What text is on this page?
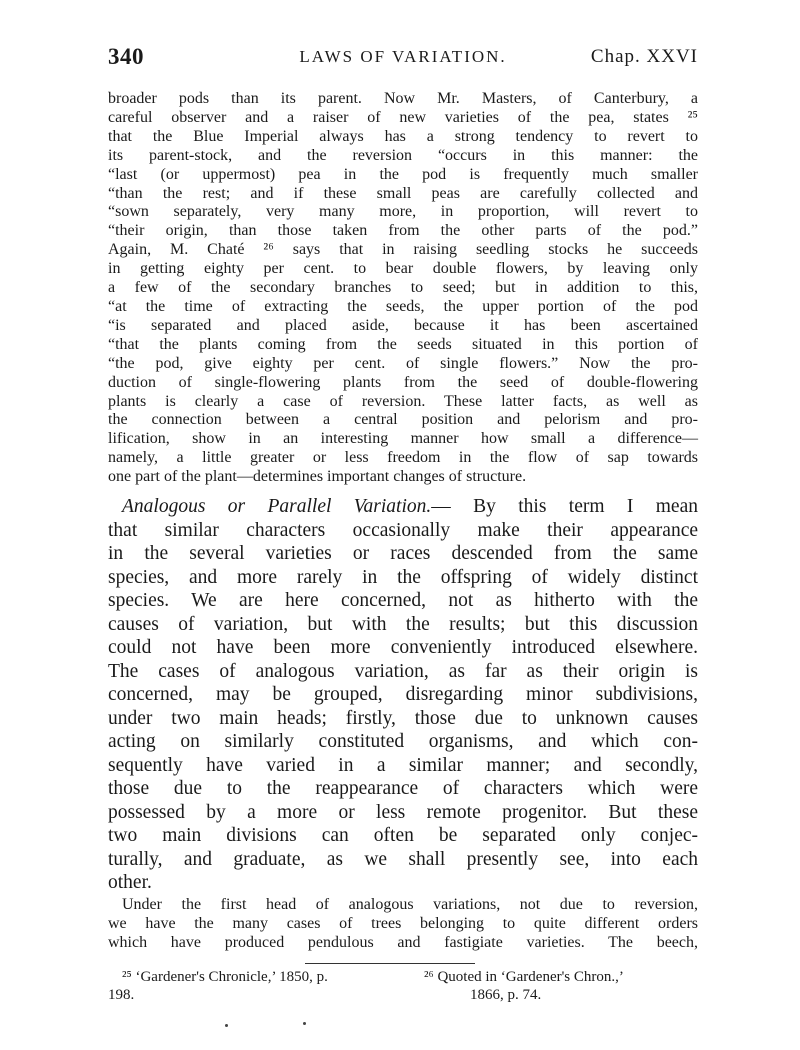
340	LAWS OF VARIATION.	Chap. XXVI
broader pods than its parent. Now Mr. Masters, of Canterbury, a
careful observer and a raiser of new varieties of the pea, states ²⁵
that the Blue Imperial always has a strong tendency to revert to
its parent-stock, and the reversion “occurs in this manner: the
“last (or uppermost) pea in the pod is frequently much smaller
“than the rest; and if these small peas are carefully collected and
“sown separately, very many more, in proportion, will revert to
“their origin, than those taken from the other parts of the pod.”
Again, M. Chaté ²⁶ says that in raising seedling stocks he succeeds
in getting eighty per cent. to bear double flowers, by leaving only
a few of the secondary branches to seed; but in addition to this,
“at the time of extracting the seeds, the upper portion of the pod
“is separated and placed aside, because it has been ascertained
“that the plants coming from the seeds situated in this portion of
“the pod, give eighty per cent. of single flowers.” Now the pro-
duction of single-flowering plants from the seed of double-flowering
plants is clearly a case of reversion. These latter facts, as well as
the connection between a central position and pelorism and pro-
lification, show in an interesting manner how small a difference—
namely, a little greater or less freedom in the flow of sap towards
one part of the plant—determines important changes of structure.
Analogous or Parallel Variation.— By this term I mean
that similar characters occasionally make their appearance
in the several varieties or races descended from the same
species, and more rarely in the offspring of widely distinct
species. We are here concerned, not as hitherto with the
causes of variation, but with the results; but this discussion
could not have been more conveniently introduced elsewhere.
The cases of analogous variation, as far as their origin is
concerned, may be grouped, disregarding minor subdivisions,
under two main heads; firstly, those due to unknown causes
acting on similarly constituted organisms, and which con-
sequently have varied in a similar manner; and secondly,
those due to the reappearance of characters which were
possessed by a more or less remote progenitor. But these
two main divisions can often be separated only conjec-
turally, and graduate, as we shall presently see, into each
other.
Under the first head of analogous variations, not due to reversion,
we have the many cases of trees belonging to quite different orders
which have produced pendulous and fastigiate varieties. The beech,
²⁵ ‘Gardener's Chronicle,’ 1850, p.
198.
²⁶ Quoted in ‘Gardener's Chron.,’
1866, p. 74.
